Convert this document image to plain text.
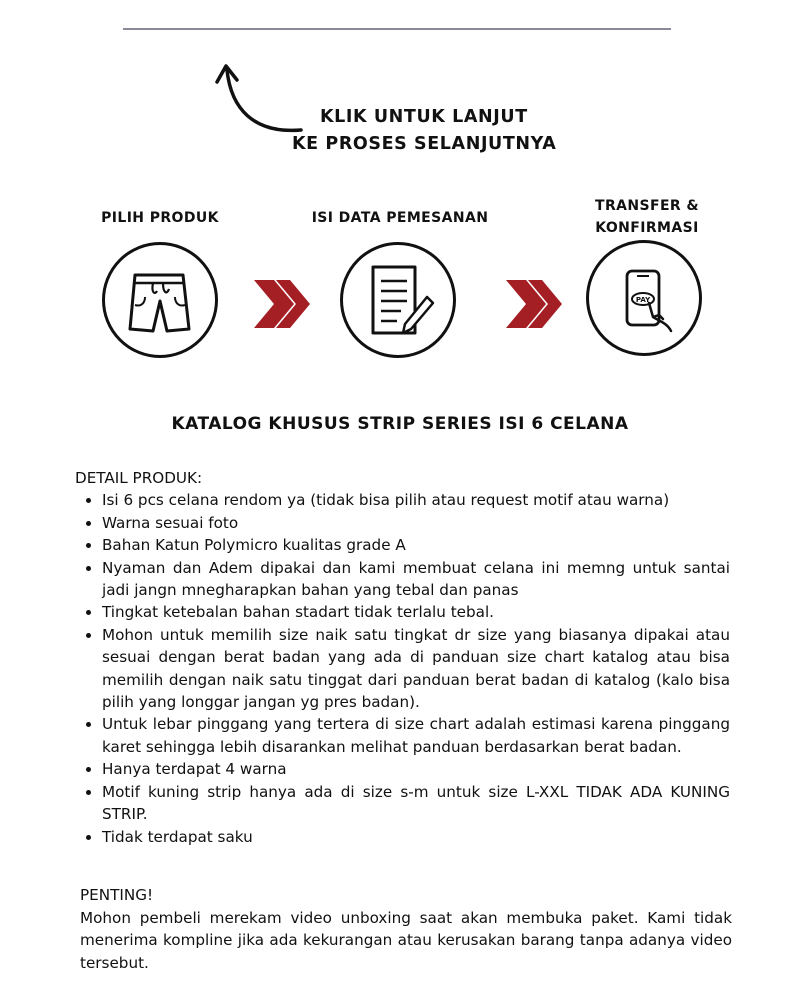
KLIK UNTUK LANJUT
KE PROSES SELANJUTNYA
PILIH PRODUK	ISI DATA PEMESANAN
TRANSFER &
KONFIRMASI
PAY
KATALOG KHUSUS STRIP SERIES ISI 6 CELANA

DETAIL PRODUK:

• Isi 6 pcs celana rendom ya (tidak bisa pilih atau request motif atau warna)
• Warna sesuai foto
• Bahan Katun Polymicro kualitas grade A
• Nyaman dan Adem dipakai dan kami membuat celana ini memng untuk santai jadi jangn mnegharapkan bahan yang tebal dan panas
• Tingkat ketebalan bahan stadart tidak terlalu tebal.
• Mohon untuk memilih size naik satu tingkat dr size yang biasanya dipakai atau sesuai dengan berat badan yang ada di panduan size chart katalog atau bisa memilih dengan naik satu tinggat dari panduan berat badan di katalog (kalo bisa pilih yang longgar jangan yg pres badan).
• Untuk lebar pinggang yang tertera di size chart adalah estimasi karena pinggang karet sehingga lebih disarankan melihat panduan berdasarkan berat badan.
• Hanya terdapat 4 warna
• Motif kuning strip hanya ada di size s-m untuk size L-XXL TIDAK ADA KUNING STRIP.
• Tidak terdapat saku
PENTING!
Mohon pembeli merekam video unboxing saat akan membuka paket. Kami tidak menerima kompline jika ada kekurangan atau kerusakan barang tanpa adanya video tersebut.
